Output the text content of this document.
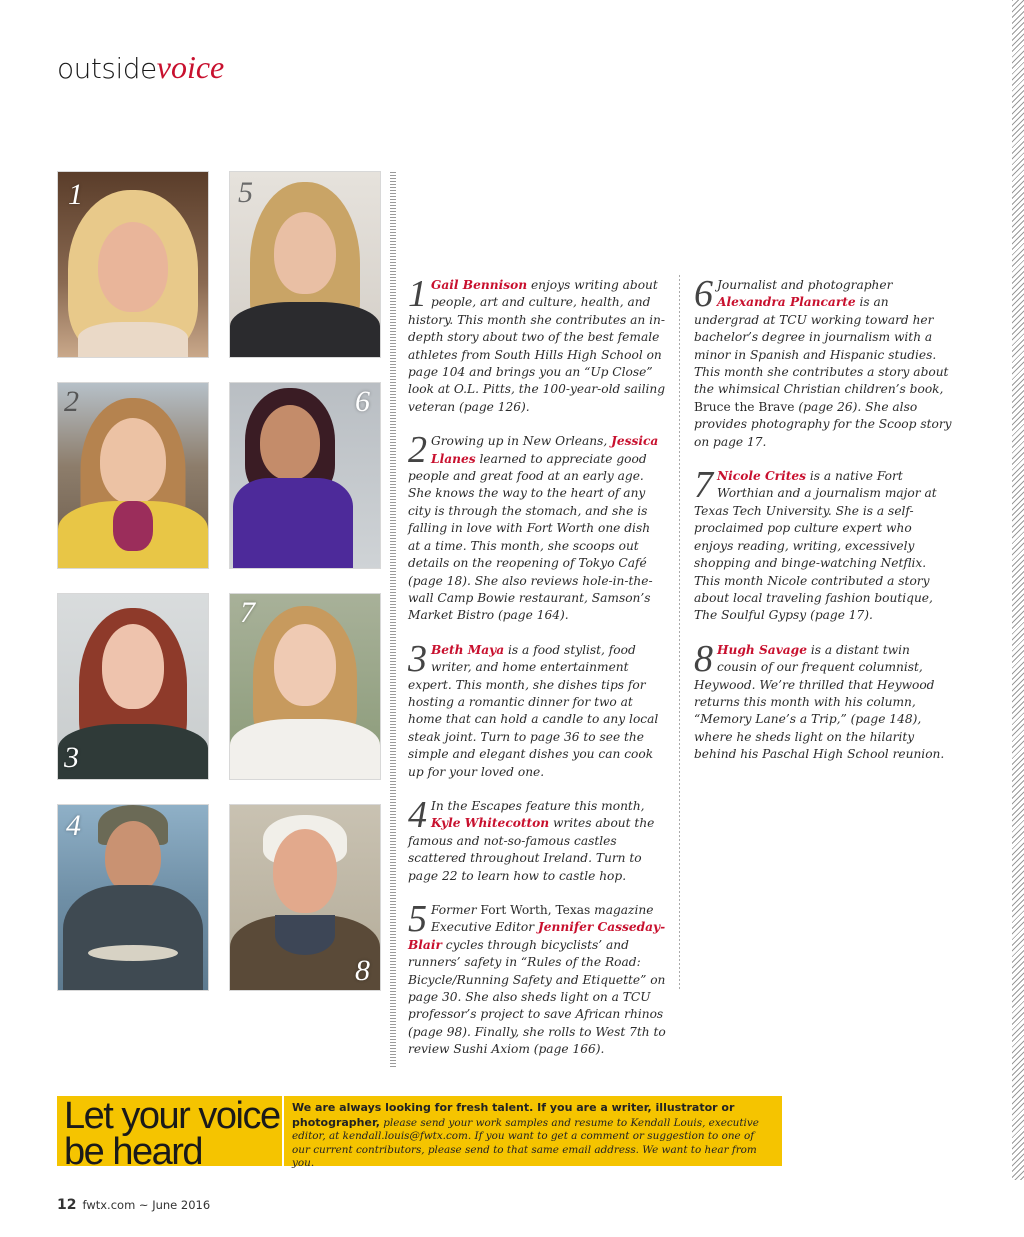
outsidevoice
1	5
2	6
3
7
4
8

1 Gail Bennison enjoys writing about people, art and culture, health, and history. This month she contributes an in-depth story about two of the best female athletes from South Hills High School on page 104 and brings you an “Up Close” look at O.L. Pitts, the 100-year-old sailing veteran (page 126).

2 Growing up in New Orleans, Jessica Llanes learned to appreciate good people and great food at an early age. She knows the way to the heart of any city is through the stomach, and she is falling in love with Fort Worth one dish at a time. This month, she scoops out details on the reopening of Tokyo Café (page 18). She also reviews hole-in-the-wall Camp Bowie restaurant, Samson’s Market Bistro (page 164).

3 Beth Maya is a food stylist, food writer, and home entertainment expert. This month, she dishes tips for hosting a romantic dinner for two at home that can hold a candle to any local steak joint. Turn to page 36 to see the simple and elegant dishes you can cook up for your loved one.

4 In the Escapes feature this month, Kyle Whitecotton writes about the famous and not-so-famous castles scattered throughout Ireland. Turn to page 22 to learn how to castle hop.

5 Former Fort Worth, Texas magazine Executive Editor Jennifer Casseday-Blair cycles through bicyclists’ and runners’ safety in “Rules of the Road: Bicycle/Running Safety and Etiquette” on page 30. She also sheds light on a TCU professor’s project to save African rhinos (page 98). Finally, she rolls to West 7th to review Sushi Axiom (page 166).

6 Journalist and photographer Alexandra Plancarte is an undergrad at TCU working toward her bachelor’s degree in journalism with a minor in Spanish and Hispanic studies. This month she contributes a story about the whimsical Christian children’s book, Bruce the Brave (page 26). She also provides photography for the Scoop story on page 17.

7 Nicole Crites is a native Fort Worthian and a journalism major at Texas Tech University. She is a self-proclaimed pop culture expert who enjoys reading, writing, excessively shopping and binge-watching Netflix. This month Nicole contributed a story about local traveling fashion boutique, The Soulful Gypsy (page 17).

8 Hugh Savage is a distant twin cousin of our frequent columnist, Heywood. We’re thrilled that Heywood returns this month with his column, “Memory Lane’s a Trip,” (page 148), where he sheds light on the hilarity behind his Paschal High School reunion.

Let your voice be heard
We are always looking for fresh talent. If you are a writer, illustrator or photographer, please send your work samples and resume to Kendall Louis, executive editor, at kendall.louis@fwtx.com. If you want to get a comment or suggestion to one of our current contributors, please send to that same email address. We want to hear from you.
12 fwtx.com ~ June 2016
